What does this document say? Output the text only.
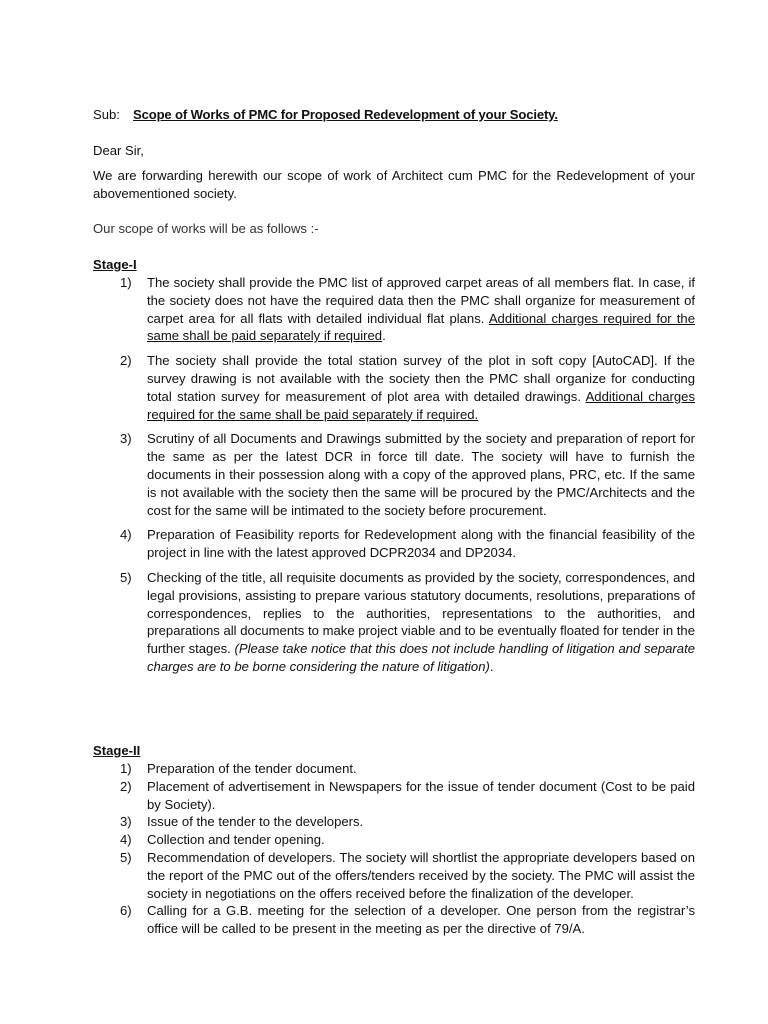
Sub: Scope of Works of PMC for Proposed Redevelopment of your Society.
Dear Sir,
We are forwarding herewith our scope of work of Architect cum PMC for the Redevelopment of your abovementioned society.
Our scope of works will be as follows :-
Stage-I
1) The society shall provide the PMC list of approved carpet areas of all members flat. In case, if the society does not have the required data then the PMC shall organize for measurement of carpet area for all flats with detailed individual flat plans. Additional charges required for the same shall be paid separately if required.
2) The society shall provide the total station survey of the plot in soft copy [AutoCAD]. If the survey drawing is not available with the society then the PMC shall organize for conducting total station survey for measurement of plot area with detailed drawings. Additional charges required for the same shall be paid separately if required.
3) Scrutiny of all Documents and Drawings submitted by the society and preparation of report for the same as per the latest DCR in force till date. The society will have to furnish the documents in their possession along with a copy of the approved plans, PRC, etc. If the same is not available with the society then the same will be procured by the PMC/Architects and the cost for the same will be intimated to the society before procurement.
4) Preparation of Feasibility reports for Redevelopment along with the financial feasibility of the project in line with the latest approved DCPR2034 and DP2034.
5) Checking of the title, all requisite documents as provided by the society, correspondences, and legal provisions, assisting to prepare various statutory documents, resolutions, preparations of correspondences, replies to the authorities, representations to the authorities, and preparations all documents to make project viable and to be eventually floated for tender in the further stages. (Please take notice that this does not include handling of litigation and separate charges are to be borne considering the nature of litigation).
Stage-II
1) Preparation of the tender document.
2) Placement of advertisement in Newspapers for the issue of tender document (Cost to be paid by Society).
3) Issue of the tender to the developers.
4) Collection and tender opening.
5) Recommendation of developers. The society will shortlist the appropriate developers based on the report of the PMC out of the offers/tenders received by the society. The PMC will assist the society in negotiations on the offers received before the finalization of the developer.
6) Calling for a G.B. meeting for the selection of a developer. One person from the registrar’s office will be called to be present in the meeting as per the directive of 79/A.
